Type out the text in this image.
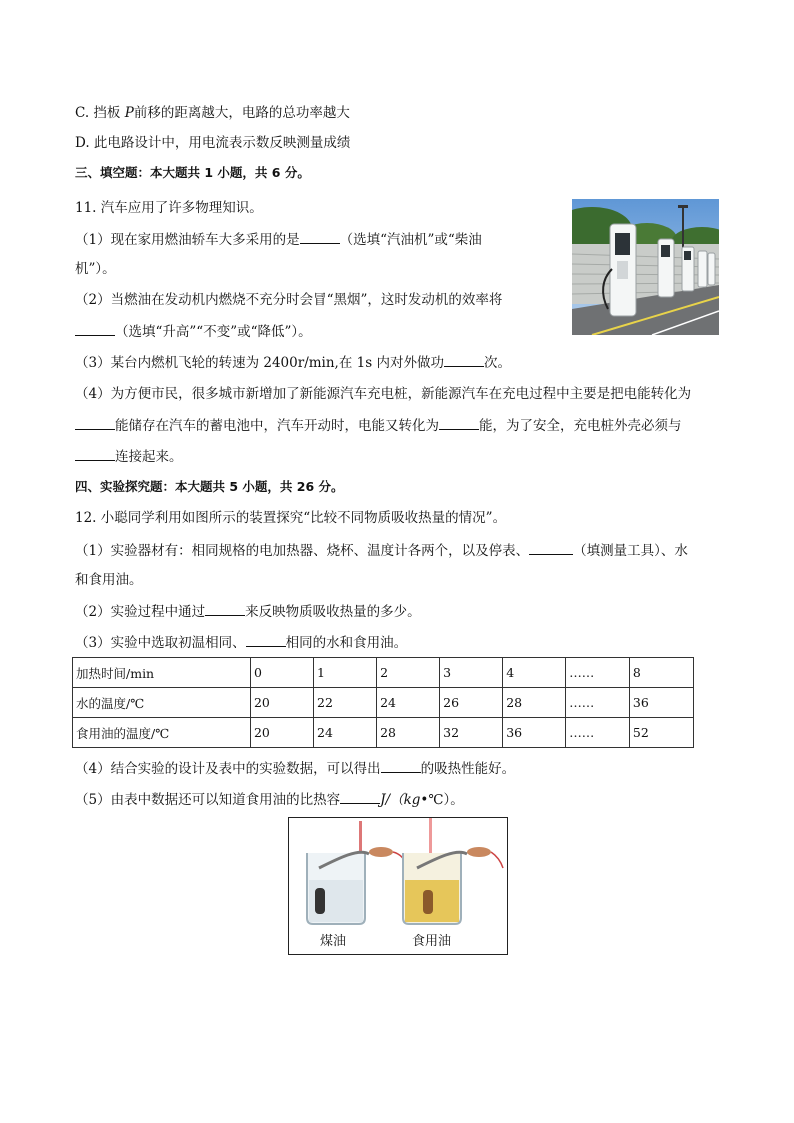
C. 挡板 P前移的距离越大，电路的总功率越大
D. 此电路设计中，用电流表示数反映测量成绩
三、填空题：本大题共 1 小题，共 6 分。
11. 汽车应用了许多物理知识。
（1）现在家用燃油轿车大多采用的是	（选填“汽油机”或“柴油
机”）。
（2）当燃油在发动机内燃烧不充分时会冒“黑烟”，这时发动机的效率将
（选填“升高”“不变”或“降低”）。
（3）某台内燃机飞轮的转速为 2400r/min,在 1s 内对外做功	次。
（4）为方便市民，很多城市新增加了新能源汽车充电桩，新能源汽车在充电过程中主要是把电能转化为
能储存在汽车的蓄电池中，汽车开动时，电能又转化为	能，为了安全，充电桩外壳必须与
连接起来。
四、实验探究题：本大题共 5 小题，共 26 分。
12. 小聪同学利用如图所示的装置探究“比较不同物质吸收热量的情况”。
（1）实验器材有：相同规格的电加热器、烧杯、温度计各两个，以及停表、	（填测量工具）、水
和食用油。
（2）实验过程中通过	来反映物质吸收热量的多少。
（3）实验中选取初温相同、	相同的水和食用油。
加热时间/min	0	1	2	3	4	……	8
水的温度/℃	20	22	24	26	28	……	36
食用油的温度/℃	20	24	28	32	36	……	52
（4）结合实验的设计及表中的实验数据，可以得出	的吸热性能好。
（5）由表中数据还可以知道食用油的比热容	J/（kg•℃）。
煤油	食用油
